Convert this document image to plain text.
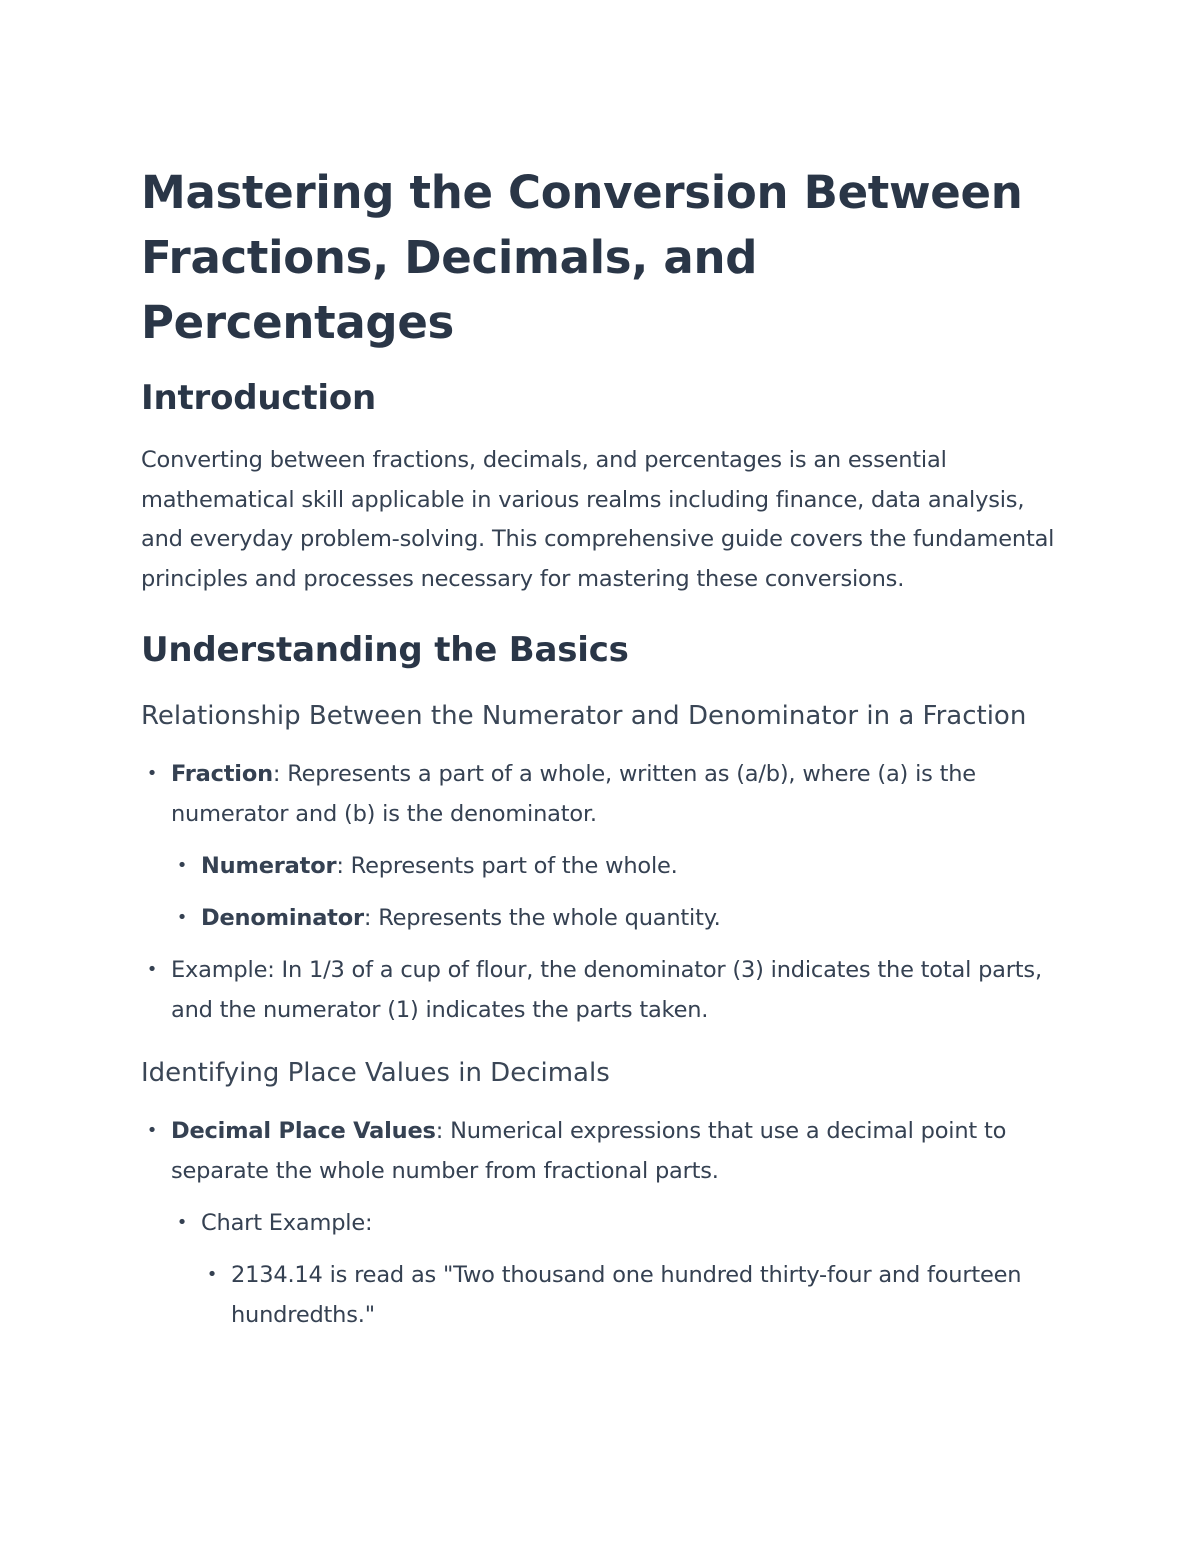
Mastering the Conversion Between Fractions, Decimals, and Percentages
Introduction

Converting between fractions, decimals, and percentages is an essential mathematical skill applicable in various realms including finance, data analysis, and everyday problem-solving. This comprehensive guide covers the fundamental principles and processes necessary for mastering these conversions.

Understanding the Basics
Relationship Between the Numerator and Denominator in a Fraction
• Fraction: Represents a part of a whole, written as (a/b), where (a) is the numerator and (b) is the denominator.
• Numerator: Represents part of the whole.
• Denominator: Represents the whole quantity.
• Example: In 1/3 of a cup of flour, the denominator (3) indicates the total parts, and the numerator (1) indicates the parts taken.
Identifying Place Values in Decimals
• Decimal Place Values: Numerical expressions that use a decimal point to separate the whole number from fractional parts.
• Chart Example:
• 2134.14 is read as "Two thousand one hundred thirty-four and fourteen hundredths."
